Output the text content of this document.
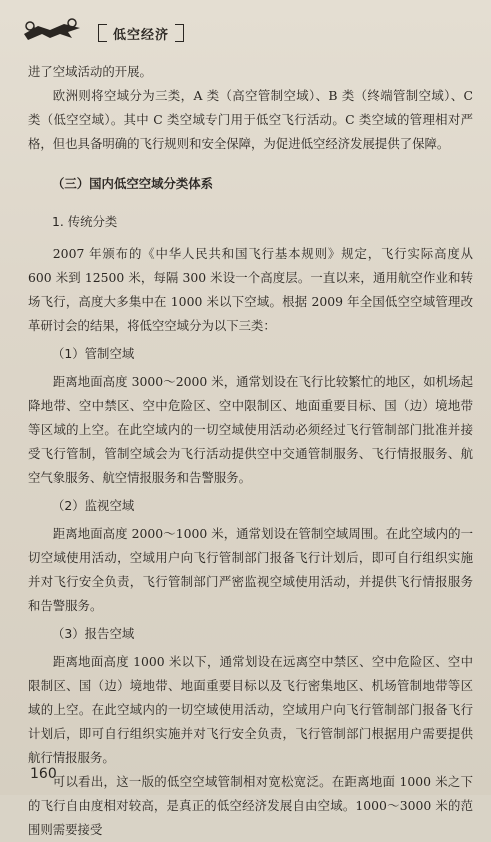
低空经济

进了空域活动的开展。

欧洲则将空域分为三类，A 类（高空管制空域）、B 类（终端管制空域）、C 类（低空空域）。其中 C 类空域专门用于低空飞行活动。C 类空域的管理相对严格，但也具备明确的飞行规则和安全保障，为促进低空经济发展提供了保障。

（三）国内低空空域分类体系

1. 传统分类

2007 年颁布的《中华人民共和国飞行基本规则》规定，飞行实际高度从 600 米到 12500 米，每隔 300 米设一个高度层。一直以来，通用航空作业和转场飞行，高度大多集中在 1000 米以下空域。根据 2009 年全国低空空域管理改革研讨会的结果，将低空空域分为以下三类：

（1）管制空域

距离地面高度 3000～2000 米，通常划设在飞行比较繁忙的地区，如机场起降地带、空中禁区、空中危险区、空中限制区、地面重要目标、国（边）境地带等区域的上空。在此空域内的一切空域使用活动必须经过飞行管制部门批准并接受飞行管制，管制空域会为飞行活动提供空中交通管制服务、飞行情报服务、航空气象服务、航空情报服务和告警服务。

（2）监视空域

距离地面高度 2000～1000 米，通常划设在管制空域周围。在此空域内的一切空域使用活动，空域用户向飞行管制部门报备飞行计划后，即可自行组织实施并对飞行安全负责，飞行管制部门严密监视空域使用活动，并提供飞行情报服务和告警服务。

（3）报告空域

距离地面高度 1000 米以下，通常划设在远离空中禁区、空中危险区、空中限制区、国（边）境地带、地面重要目标以及飞行密集地区、机场管制地带等区域的上空。在此空域内的一切空域使用活动，空域用户向飞行管制部门报备飞行计划后，即可自行组织实施并对飞行安全负责，飞行管制部门根据用户需要提供航行情报服务。

可以看出，这一版的低空空域管制相对宽松宽泛。在距离地面 1000 米之下的飞行自由度相对较高，是真正的低空经济发展自由空域。1000～3000 米的范围则需要接受

160
